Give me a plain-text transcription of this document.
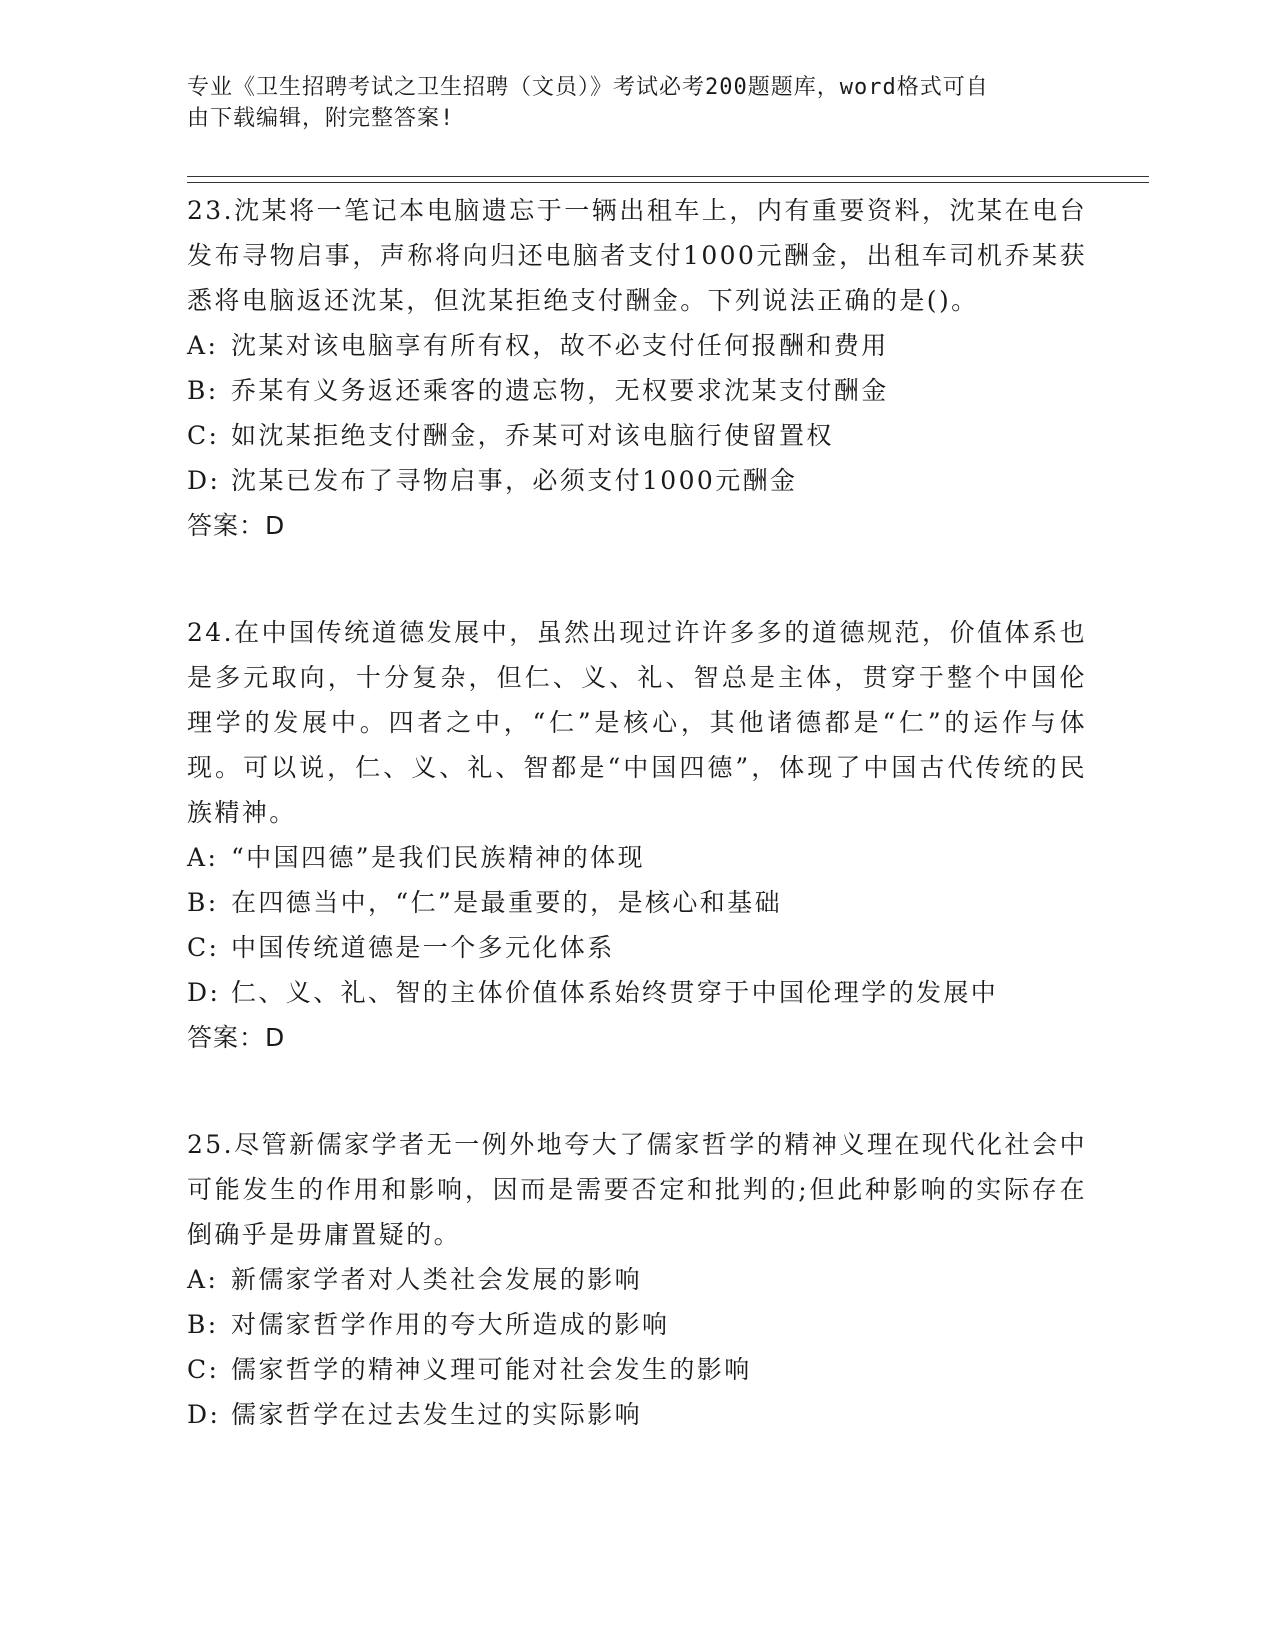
专业《卫生招聘考试之卫生招聘（文员）》考试必考200题题库，word格式可自
由下载编辑，附完整答案!

23.沈某将一笔记本电脑遗忘于一辆出租车上，内有重要资料，沈某在电台发布寻物启事，声称将向归还电脑者支付1000元酬金，出租车司机乔某获悉将电脑返还沈某，但沈某拒绝支付酬金。下列说法正确的是()。

A: 沈某对该电脑享有所有权，故不必支付任何报酬和费用

B: 乔某有义务返还乘客的遗忘物，无权要求沈某支付酬金

C: 如沈某拒绝支付酬金，乔某可对该电脑行使留置权

D: 沈某已发布了寻物启事，必须支付1000元酬金

答案：D

24.在中国传统道德发展中，虽然出现过许许多多的道德规范，价值体系也是多元取向，十分复杂，但仁、义、礼、智总是主体，贯穿于整个中国伦理学的发展中。四者之中，“仁”是核心，其他诸德都是“仁”的运作与体现。可以说，仁、义、礼、智都是“中国四德”，体现了中国古代传统的民族精神。

A: “中国四德”是我们民族精神的体现

B: 在四德当中，“仁”是最重要的，是核心和基础

C: 中国传统道德是一个多元化体系

D: 仁、义、礼、智的主体价值体系始终贯穿于中国伦理学的发展中

答案：D

25.尽管新儒家学者无一例外地夸大了儒家哲学的精神义理在现代化社会中可能发生的作用和影响，因而是需要否定和批判的;但此种影响的实际存在倒确乎是毋庸置疑的。

A: 新儒家学者对人类社会发展的影响

B: 对儒家哲学作用的夸大所造成的影响

C: 儒家哲学的精神义理可能对社会发生的影响

D: 儒家哲学在过去发生过的实际影响
